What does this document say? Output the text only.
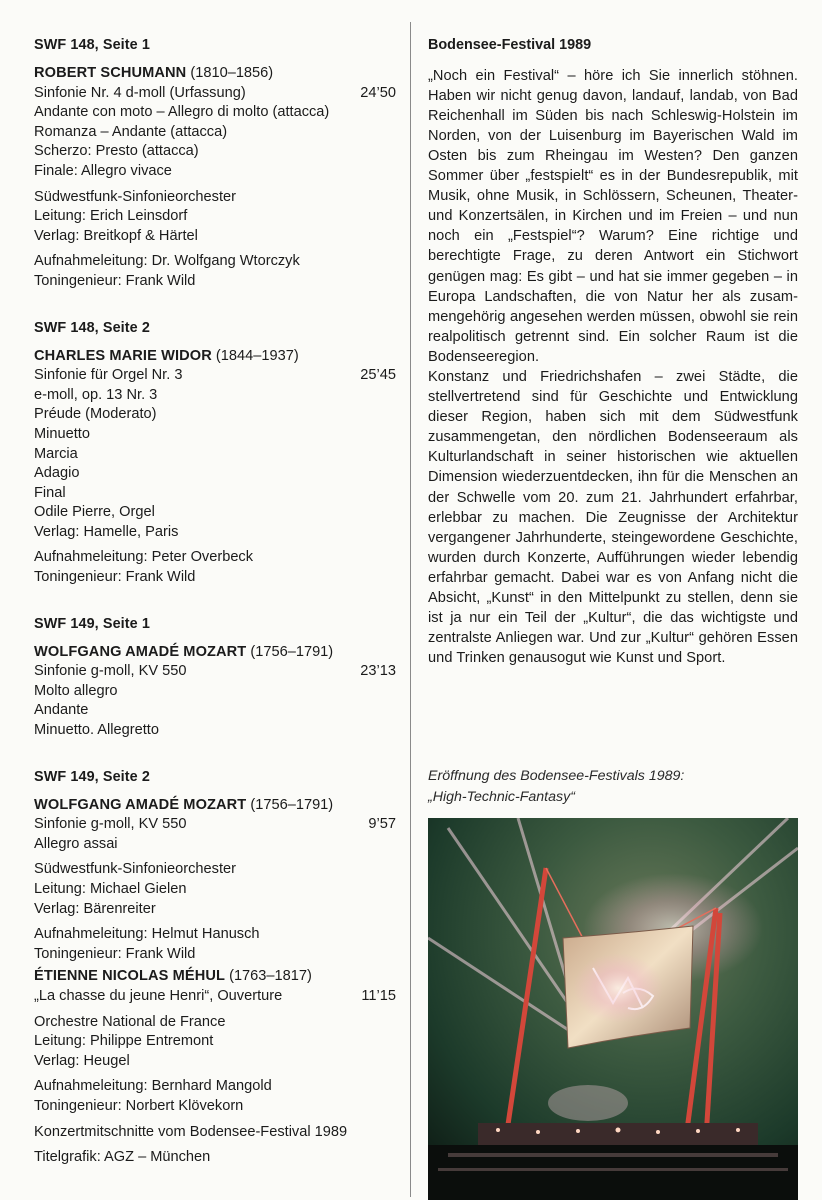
SWF 148, Seite 1
ROBERT SCHUMANN (1810–1856)
Sinfonie Nr. 4 d-moll (Urfassung)	24’50
Andante con moto – Allegro di molto (attacca)
Romanza – Andante (attacca)
Scherzo: Presto (attacca)
Finale: Allegro vivace
Südwestfunk-Sinfonieorchester
Leitung: Erich Leinsdorf
Verlag: Breitkopf & Härtel
Aufnahmeleitung: Dr. Wolfgang Wtorczyk
Toningenieur: Frank Wild
SWF 148, Seite 2
CHARLES MARIE WIDOR (1844–1937)
Sinfonie für Orgel Nr. 3	25’45
e-moll, op. 13 Nr. 3
Préude (Moderato)
Minuetto
Marcia
Adagio
Final
Odile Pierre, Orgel
Verlag: Hamelle, Paris
Aufnahmeleitung: Peter Overbeck
Toningenieur: Frank Wild
SWF 149, Seite 1
WOLFGANG AMADÉ MOZART (1756–1791)
Sinfonie g-moll, KV 550	23’13
Molto allegro
Andante
Minuetto. Allegretto
SWF 149, Seite 2
WOLFGANG AMADÉ MOZART (1756–1791)
Sinfonie g-moll, KV 550	9’57
Allegro assai
Südwestfunk-Sinfonieorchester
Leitung: Michael Gielen
Verlag: Bärenreiter
Aufnahmeleitung: Helmut Hanusch
Toningenieur: Frank Wild
ÉTIENNE NICOLAS MÉHUL (1763–1817)
„La chasse du jeune Henri“, Ouverture	11’15
Orchestre National de France
Leitung: Philippe Entremont
Verlag: Heugel
Aufnahmeleitung: Bernhard Mangold
Toningenieur: Norbert Klövekorn
Konzertmitschnitte vom Bodensee-Festival 1989
Titelgrafik: AGZ – München
Bodensee-Festival 1989
„Noch ein Festival“ – höre ich Sie innerlich stöhnen. Haben wir nicht genug davon, landauf, landab, von Bad Reichenhall im Süden bis nach Schleswig-Holstein im Norden, von der Luisenburg im Bayerischen Wald im Osten bis zum Rheingau im Westen? Den ganzen Sommer über „festspielt“ es in der Bundesrepublik, mit Musik, ohne Musik, in Schlössern, Scheunen, Theater- und Konzertsälen, in Kirchen und im Freien – und nun noch ein „Festspiel“? Warum? Eine richtige und berechtigte Frage, zu deren Antwort ein Stichwort genügen mag: Es gibt – und hat sie immer gegeben – in Europa Landschaften, die von Natur her als zusammengehörig angesehen werden müssen, obwohl sie rein realpolitisch getrennt sind. Ein solcher Raum ist die Bodenseeregion.
Konstanz und Friedrichshafen – zwei Städte, die stellvertretend sind für Geschichte und Entwicklung dieser Region, haben sich mit dem Südwestfunk zusammengetan, den nördlichen Bodenseeraum als Kulturlandschaft in seiner historischen wie aktuellen Dimension wiederzuentdecken, ihn für die Menschen an der Schwelle vom 20. zum 21. Jahrhundert erfahrbar, erlebbar zu machen. Die Zeugnisse der Architektur vergangener Jahrhunderte, steingewordene Geschichte, wurden durch Konzerte, Aufführungen wieder lebendig erfahrbar gemacht. Dabei war es von Anfang nicht die Absicht, „Kunst“ in den Mittelpunkt zu stellen, denn sie ist ja nur ein Teil der „Kultur“, die das wichtigste und zentralste Anliegen war. Und zur „Kultur“ gehören Essen und Trinken genausogut wie Kunst und Sport.
Eröffnung des Bodensee-Festivals 1989:
„High-Technic-Fantasy“
